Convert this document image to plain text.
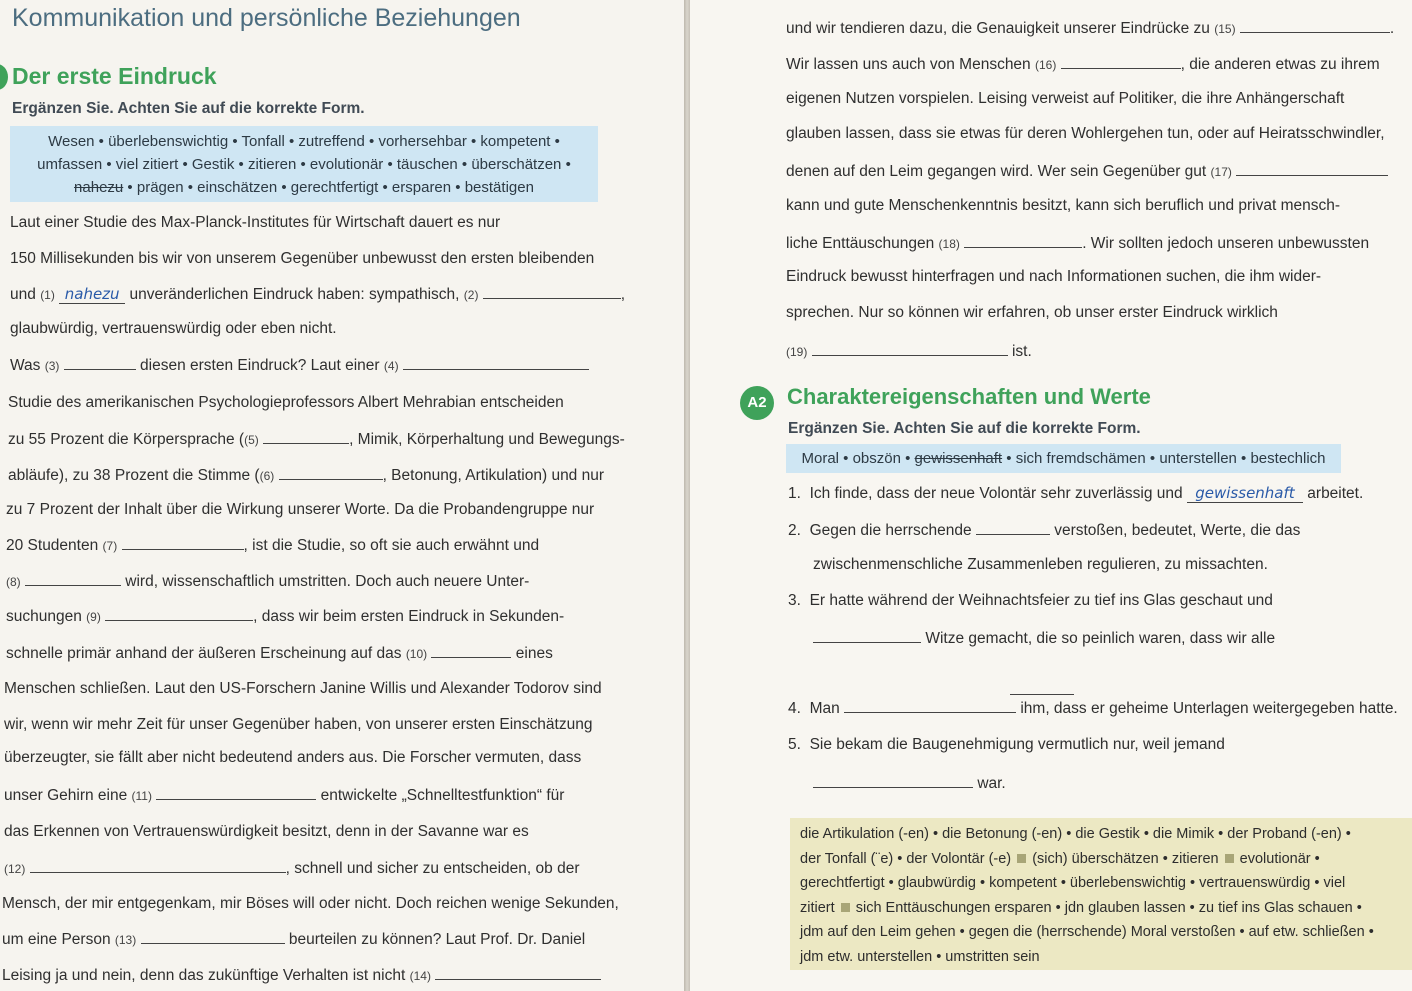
Kommunikation und persönliche Beziehungen
Der erste Eindruck
Ergänzen Sie. Achten Sie auf die korrekte Form.
Wesen • überlebenswichtig • Tonfall • zutreffend • vorhersehbar • kompetent •
umfassen • viel zitiert • Gestik • zitieren • evolutionär • täuschen • überschätzen •
nahezu • prägen • einschätzen • gerechtfertigt • ersparen • bestätigen
Laut einer Studie des Max-Planck-Institutes für Wirtschaft dauert es nur
150 Millisekunden bis wir von unserem Gegenüber unbewusst den ersten bleibenden
und (1) nahezu unveränderlichen Eindruck haben: sympathisch, (2)	,
glaubwürdig, vertrauenswürdig oder eben nicht.
Was (3)	diesen ersten Eindruck? Laut einer (4)
Studie des amerikanischen Psychologieprofessors Albert Mehrabian entscheiden
zu 55 Prozent die Körpersprache ((5)	, Mimik, Körperhaltung und Bewegungs-
abläufe), zu 38 Prozent die Stimme ((6)	, Betonung, Artikulation) und nur
zu 7 Prozent der Inhalt über die Wirkung unserer Worte. Da die Probandengruppe nur
20 Studenten (7)	, ist die Studie, so oft sie auch erwähnt und
(8)	wird, wissenschaftlich umstritten. Doch auch neuere Unter-
suchungen (9)	, dass wir beim ersten Eindruck in Sekunden-
schnelle primär anhand der äußeren Erscheinung auf das (10)	eines
Menschen schließen. Laut den US-Forschern Janine Willis und Alexander Todorov sind
wir, wenn wir mehr Zeit für unser Gegenüber haben, von unserer ersten Einschätzung
überzeugter, sie fällt aber nicht bedeutend anders aus. Die Forscher vermuten, dass
unser Gehirn eine (11)	entwickelte „Schnelltestfunktion“ für
das Erkennen von Vertrauenswürdigkeit besitzt, denn in der Savanne war es
(12)	, schnell und sicher zu entscheiden, ob der
Mensch, der mir entgegenkam, mir Böses will oder nicht. Doch reichen wenige Sekunden,
um eine Person (13)	beurteilen zu können? Laut Prof. Dr. Daniel
Leising ja und nein, denn das zukünftige Verhalten ist nicht (14)
und wir tendieren dazu, die Genauigkeit unserer Eindrücke zu (15)	.
Wir lassen uns auch von Menschen (16)	, die anderen etwas zu ihrem
eigenen Nutzen vorspielen. Leising verweist auf Politiker, die ihre Anhängerschaft
glauben lassen, dass sie etwas für deren Wohlergehen tun, oder auf Heiratsschwindler,
denen auf den Leim gegangen wird. Wer sein Gegenüber gut (17)
kann und gute Menschenkenntnis besitzt, kann sich beruflich und privat mensch-
liche Enttäuschungen (18)	. Wir sollten jedoch unseren unbewussten
Eindruck bewusst hinterfragen und nach Informationen suchen, die ihm wider-
sprechen. Nur so können wir erfahren, ob unser erster Eindruck wirklich
(19)	ist.
A2 Charaktereigenschaften und Werte
Ergänzen Sie. Achten Sie auf die korrekte Form.
Moral • obszön • gewissenhaft • sich fremdschämen • unterstellen • bestechlich
1. Ich finde, dass der neue Volontär sehr zuverlässig und gewissenhaft arbeitet.
2. Gegen die herrschende	verstoßen, bedeutet, Werte, die das
zwischenmenschliche Zusammenleben regulieren, zu missachten.
3. Er hatte während der Weihnachtsfeier zu tief ins Glas geschaut und
Witze gemacht, die so peinlich waren, dass wir alle
4. Man	ihm, dass er geheime Unterlagen weitergegeben hatte.
5. Sie bekam die Baugenehmigung vermutlich nur, weil jemand
war.
die Artikulation (-en) • die Betonung (-en) • die Gestik • die Mimik • der Proband (-en) •
der Tonfall (¨e) • der Volontär (-e) (sich) überschätzen • zitieren evolutionär •
gerechtfertigt • glaubwürdig • kompetent • überlebenswichtig • vertrauenswürdig • viel
zitiert sich Enttäuschungen ersparen • jdn glauben lassen • zu tief ins Glas schauen •
jdm auf den Leim gehen • gegen die (herrschende) Moral verstoßen • auf etw. schließen •
jdm etw. unterstellen • umstritten sein
